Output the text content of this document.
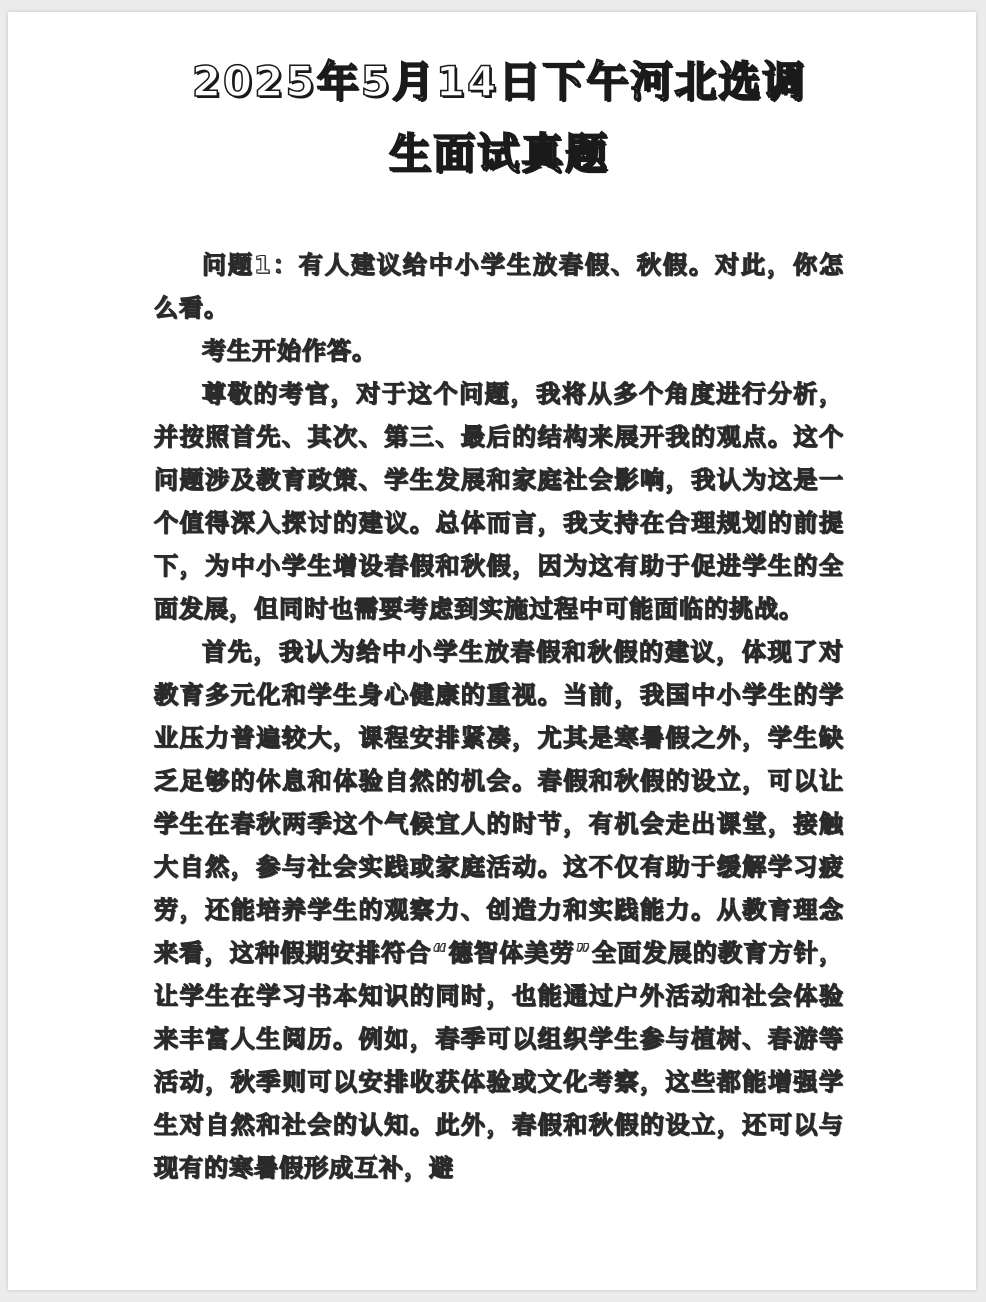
2025年5月14日下午河北选调
生面试真题

问题1：有人建议给中小学生放春假、秋假。对此，你怎么看。

考生开始作答。

尊敬的考官，对于这个问题，我将从多个角度进行分析，并按照首先、其次、第三、最后的结构来展开我的观点。这个问题涉及教育政策、学生发展和家庭社会影响，我认为这是一个值得深入探讨的建议。总体而言，我支持在合理规划的前提下，为中小学生增设春假和秋假，因为这有助于促进学生的全面发展，但同时也需要考虑到实施过程中可能面临的挑战。

首先，我认为给中小学生放春假和秋假的建议，体现了对教育多元化和学生身心健康的重视。当前，我国中小学生的学业压力普遍较大，课程安排紧凑，尤其是寒暑假之外，学生缺乏足够的休息和体验自然的机会。春假和秋假的设立，可以让学生在春秋两季这个气候宜人的时节，有机会走出课堂，接触大自然，参与社会实践或家庭活动。这不仅有助于缓解学习疲劳，还能培养学生的观察力、创造力和实践能力。从教育理念来看，这种假期安排符合“德智体美劳”全面发展的教育方针，让学生在学习书本知识的同时，也能通过户外活动和社会体验来丰富人生阅历。例如，春季可以组织学生参与植树、春游等活动，秋季则可以安排收获体验或文化考察，这些都能增强学生对自然和社会的认知。此外，春假和秋假的设立，还可以与现有的寒暑假形成互补，避
